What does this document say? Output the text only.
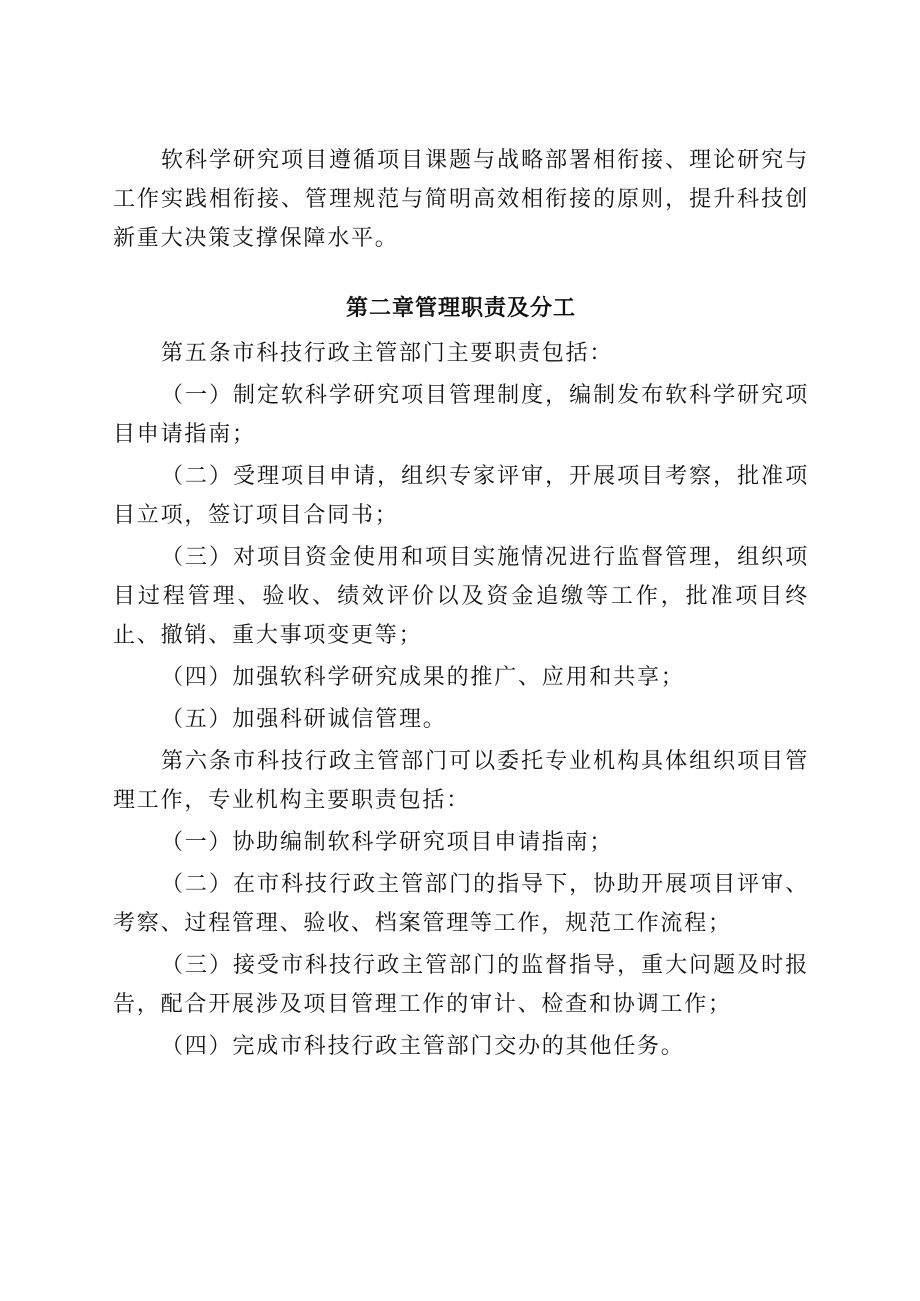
软科学研究项目遵循项目课题与战略部署相衔接、理论研究与工作实践相衔接、管理规范与简明高效相衔接的原则，提升科技创新重大决策支撑保障水平。

第二章管理职责及分工

第五条市科技行政主管部门主要职责包括：

（一）制定软科学研究项目管理制度，编制发布软科学研究项目申请指南；

（二）受理项目申请，组织专家评审，开展项目考察，批准项目立项，签订项目合同书；

（三）对项目资金使用和项目实施情况进行监督管理，组织项目过程管理、验收、绩效评价以及资金追缴等工作，批准项目终止、撤销、重大事项变更等；

（四）加强软科学研究成果的推广、应用和共享；

（五）加强科研诚信管理。

第六条市科技行政主管部门可以委托专业机构具体组织项目管理工作，专业机构主要职责包括：

（一）协助编制软科学研究项目申请指南；

（二）在市科技行政主管部门的指导下，协助开展项目评审、考察、过程管理、验收、档案管理等工作，规范工作流程；

（三）接受市科技行政主管部门的监督指导，重大问题及时报告，配合开展涉及项目管理工作的审计、检查和协调工作；

（四）完成市科技行政主管部门交办的其他任务。
